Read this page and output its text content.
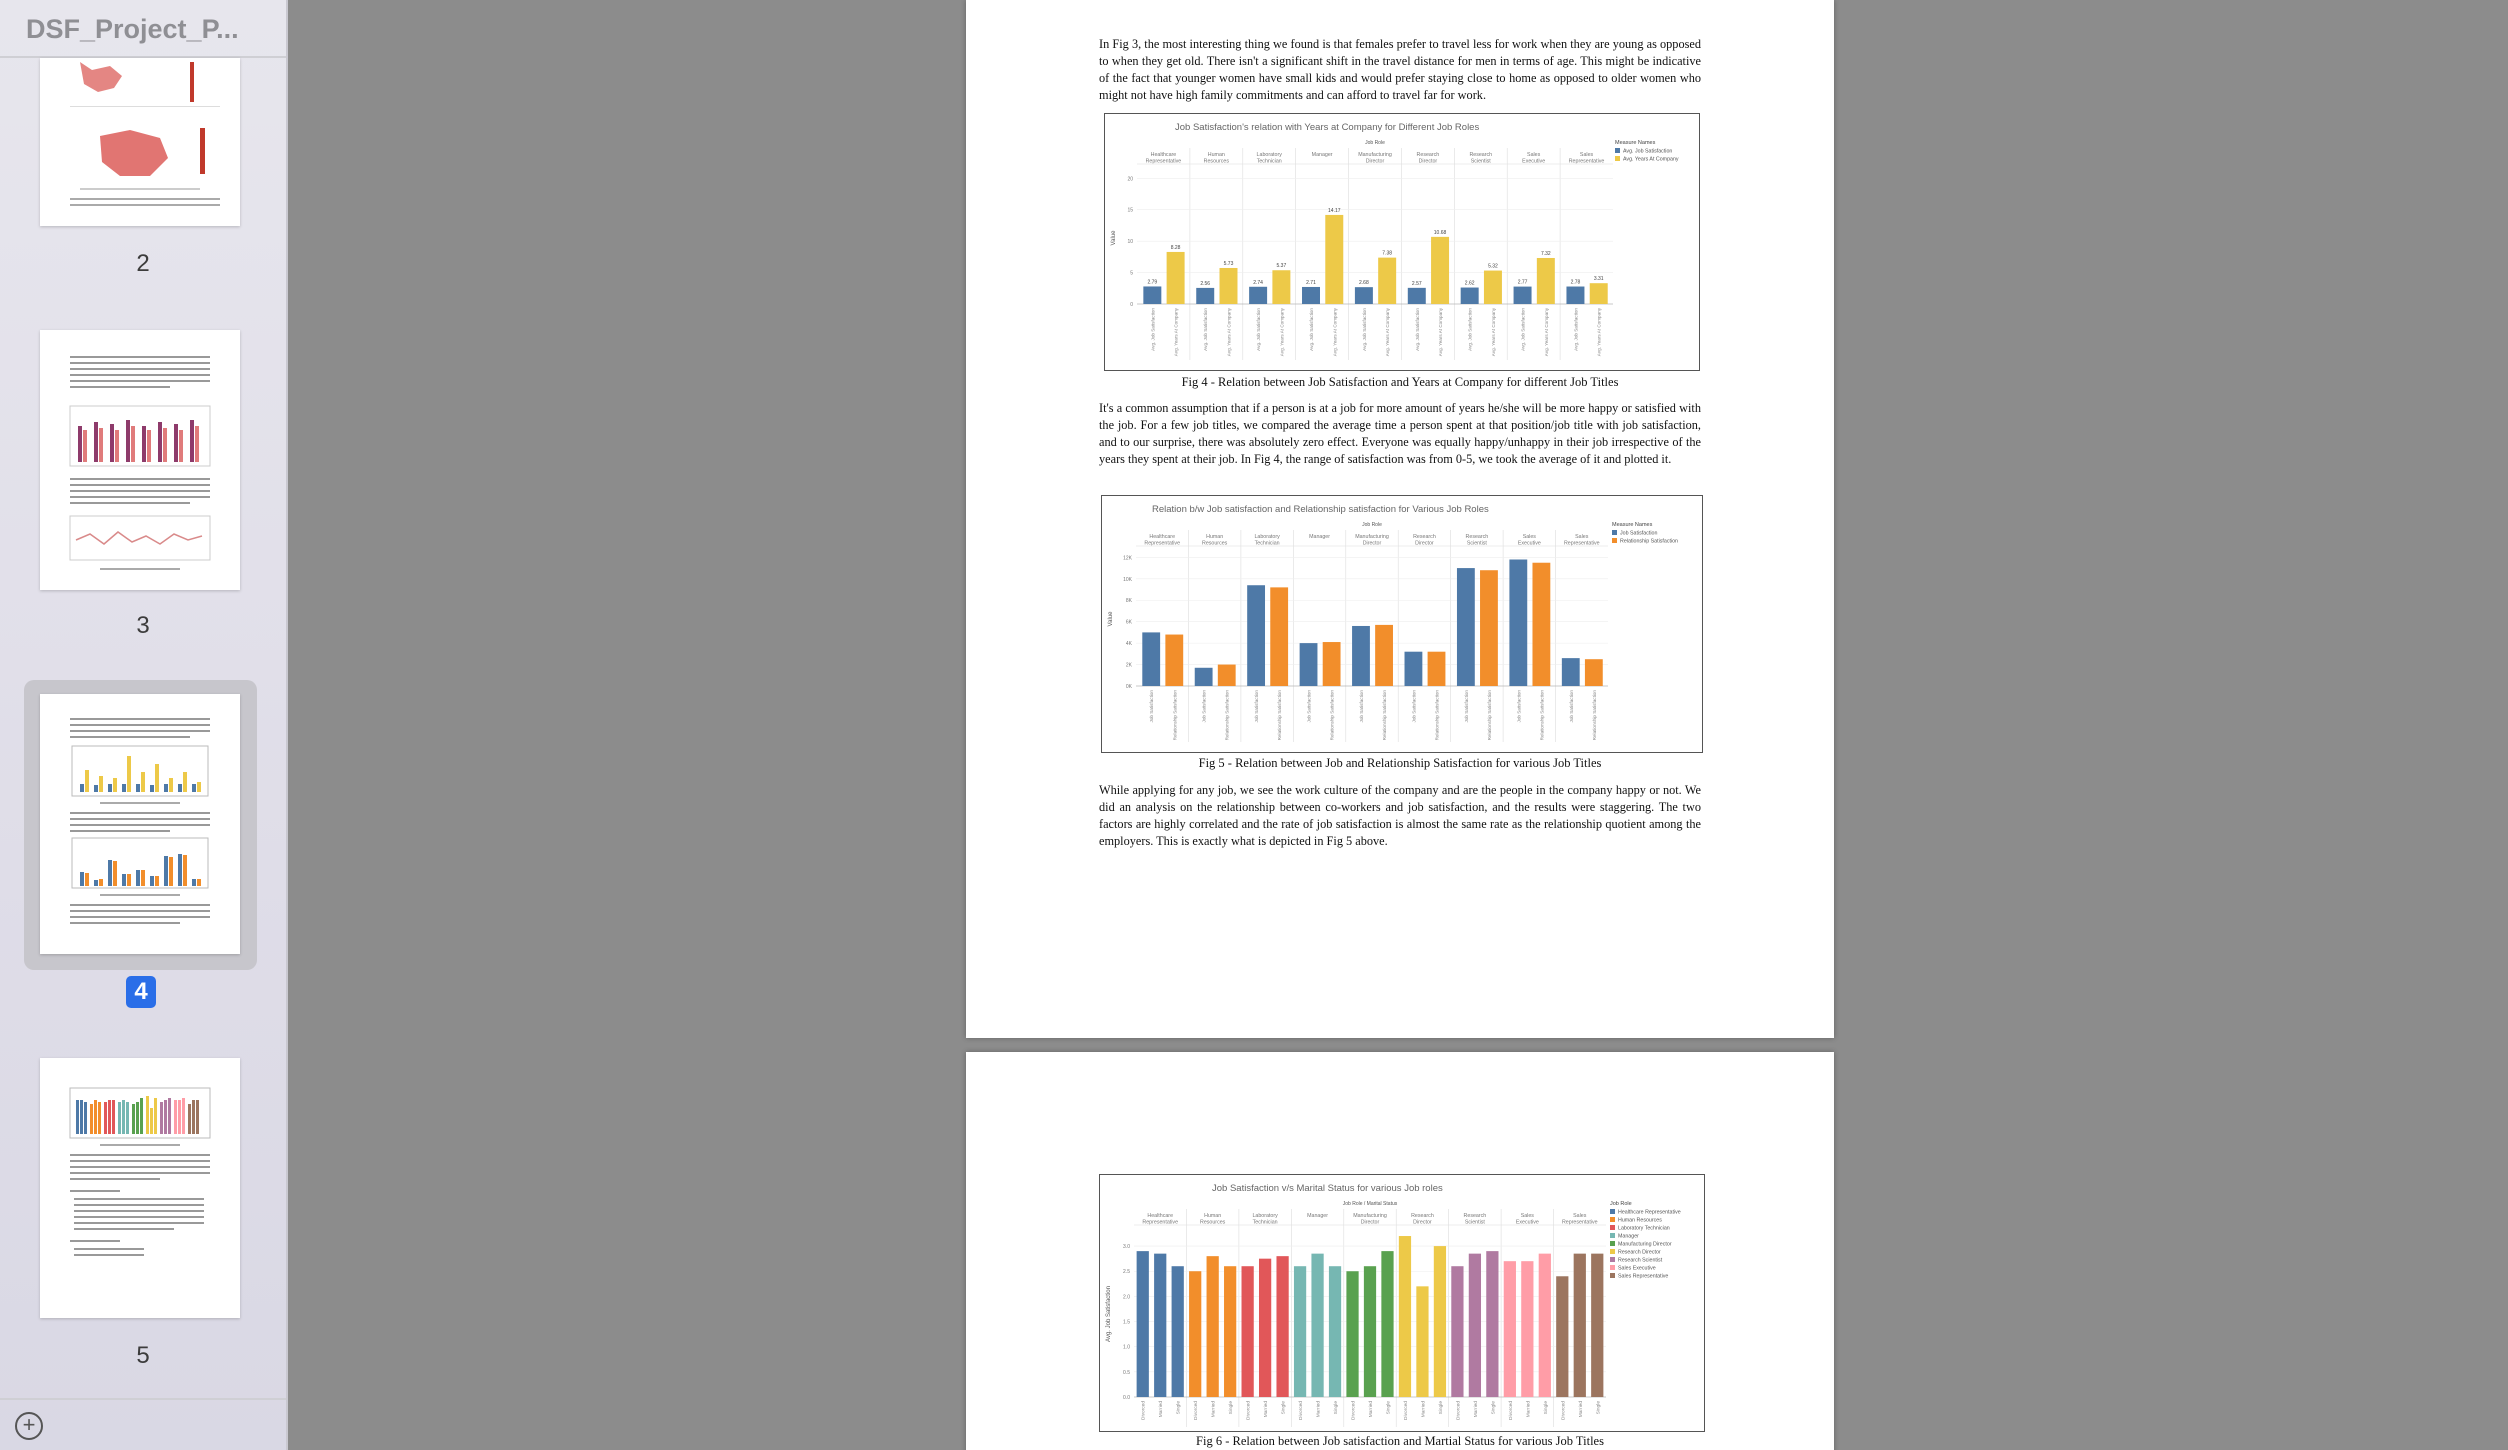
DSF_Project_P...
2
3
4
5
+

In Fig 3, the most interesting thing we found is that females prefer to travel less for work when they are young as opposed to when they get old. There isn't a significant shift in the travel distance for men in terms of age. This might be indicative of the fact that younger women have small kids and would prefer staying close to home as opposed to older women who might not have high family commitments and can afford to travel far for work.

Job Satisfaction's relation with Years at Company for Different Job Roles
Job Role
Healthcare
Representative
Human
Resources
Laboratory
Technician
Manager	Manufacturing
Director
Research
Director
Research
Scientist
Sales
Executive
Sales
Representative
0
5
10
15
20
Value
2.79
Avg. Job Satisfaction
8.28
Avg. Years At Company
2.56
Avg. Job Satisfaction
5.73
Avg. Years At Company
2.74
Avg. Job Satisfaction
5.37
Avg. Years At Company
2.71
Avg. Job Satisfaction
14.17
Avg. Years At Company
2.68
Avg. Job Satisfaction
7.38
Avg. Years At Company
2.57
Avg. Job Satisfaction
10.68
Avg. Years At Company
2.62
Avg. Job Satisfaction
5.32
Avg. Years At Company
2.77
Avg. Job Satisfaction
7.32
Avg. Years At Company
2.78
Avg. Job Satisfaction
3.31
Avg. Years At Company
Measure Names
Avg. Job Satisfaction
Avg. Years At Company
Fig 4 - Relation between Job Satisfaction and Years at Company for different Job Titles

It's a common assumption that if a person is at a job for more amount of years he/she will be more happy or satisfied with the job. For a few job titles, we compared the average time a person spent at that position/job title with job satisfaction, and to our surprise, there was absolutely zero effect. Everyone was equally happy/unhappy in their job irrespective of the years they spent at their job. In Fig 4, the range of satisfaction was from 0-5, we took the average of it and plotted it.

Relation b/w Job satisfaction and Relationship satisfaction for Various Job Roles
Job Role
Healthcare
Representative
Human
Resources
Laboratory
Technician
Manager	Manufacturing
Director
Research
Director
Research
Scientist
Sales
Executive
Sales
Representative
0K
2K
4K
6K
8K
10K
12K
Value
Job Satisfaction	Relationship Satisfaction	Job Satisfaction	Relationship Satisfaction	Job Satisfaction	Relationship Satisfaction	Job Satisfaction	Relationship Satisfaction	Job Satisfaction	Relationship Satisfaction	Job Satisfaction	Relationship Satisfaction	Job Satisfaction	Relationship Satisfaction	Job Satisfaction	Relationship Satisfaction	Job Satisfaction	Relationship Satisfaction
Measure Names
Job Satisfaction
Relationship Satisfaction
Fig 5 - Relation between Job and Relationship Satisfaction for various Job Titles

While applying for any job, we see the work culture of the company and are the people in the company happy or not. We did an analysis on the relationship between co-workers and job satisfaction, and the results were staggering. The two factors are highly correlated and the rate of job satisfaction is almost the same rate as the relationship quotient among the employers. This is exactly what is depicted in Fig 5 above.

Job Satisfaction v/s Marital Status for various Job roles
Job Role / Marital Status
Healthcare
Representative
Human
Resources
Laboratory
Technician
Manager	Manufacturing
Director
Research
Director
Research
Scientist
Sales
Executive
Sales
Representative
0.0
0.5
1.0
1.5
2.0
2.5
3.0
Avg. Job Satisfaction
Divorced	Married	Single	Divorced	Married	Single	Divorced	Married	Single	Divorced	Married	Single	Divorced	Married	Single	Divorced	Married	Single	Divorced	Married	Single	Divorced	Married	Single	Divorced	Married	Single
Job Role
Healthcare Representative
Human Resources
Laboratory Technician
Manager
Manufacturing Director
Research Director
Research Scientist
Sales Executive
Sales Representative
Fig 6 - Relation between Job satisfaction and Martial Status for various Job Titles
